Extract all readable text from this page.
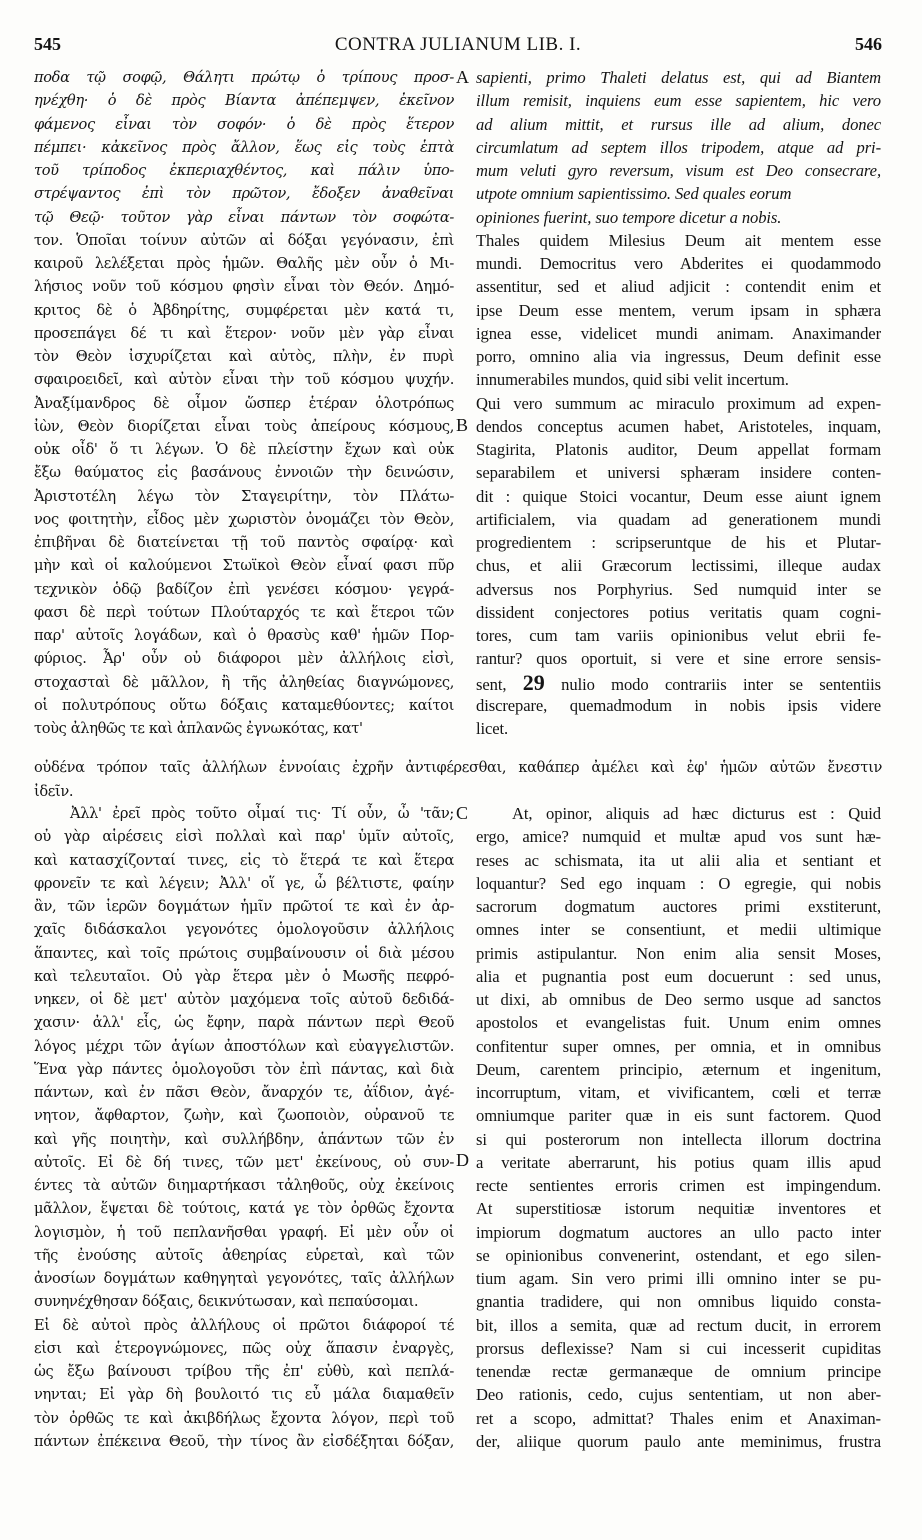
545	CONTRA JULIANUM LIB. I.	546
ποδα τῷ σοφῷ, Θάλητι πρώτῳ ὁ τρίπους προσ-
ηνέχθη· ὁ δὲ πρὸς Βίαντα ἀπέπεμψεν, ἐκεῖνον
φάμενος εἶναι τὸν σοφόν· ὁ δὲ πρὸς ἕτερον
πέμπει· κἀκεῖνος πρὸς ἄλλον, ἕως εἰς τοὺς ἑπτὰ
τοῦ τρίποδος ἐκπεριαχθέντος, καὶ πάλιν ὑπο-
στρέψαντος ἐπὶ τὸν πρῶτον, ἔδοξεν ἀναθεῖναι
τῷ Θεῷ· τοῦτον γὰρ εἶναι πάντων τὸν σοφώτα-
τον. Ὁποῖαι τοίνυν αὐτῶν αἱ δόξαι γεγόνασιν, ἐπὶ
καιροῦ λελέξεται πρὸς ἡμῶν. Θαλῆς μὲν οὖν ὁ Μι-
λήσιος νοῦν τοῦ κόσμου φησὶν εἶναι τὸν Θεόν. Δημό-
κριτος δὲ ὁ Ἀβδηρίτης, συμφέρεται μὲν κατά τι,
προσεπάγει δέ τι καὶ ἕτερον· νοῦν μὲν γὰρ εἶναι
τὸν Θεὸν ἰσχυρίζεται καὶ αὐτὸς, πλὴν, ἐν πυρὶ
σφαιροειδεῖ, καὶ αὐτὸν εἶναι τὴν τοῦ κόσμου ψυχήν.
Ἀναξίμανδρος δὲ οἶμον ὥσπερ ἑτέραν ὁλοτρόπως
ἰὼν, Θεὸν διορίζεται εἶναι τοὺς ἀπείρους κόσμους,
οὐκ οἶδ' ὅ τι λέγων. Ὁ δὲ πλείστην ἔχων καὶ οὐκ
ἔξω θαύματος εἰς βασάνους ἐννοιῶν τὴν δεινώσιν,
Ἀριστοτέλη λέγω τὸν Σταγειρίτην, τὸν Πλάτω-
νος φοιτητὴν, εἶδος μὲν χωριστὸν ὀνομάζει τὸν Θεὸν,
ἐπιβῆναι δὲ διατείνεται τῇ τοῦ παντὸς σφαίρᾳ· καὶ
μὴν καὶ οἱ καλούμενοι Στωϊκοὶ Θεὸν εἶναί φασι πῦρ
τεχνικὸν ὁδῷ βαδίζον ἐπὶ γενέσει κόσμου· γεγρά-
φασι δὲ περὶ τούτων Πλούταρχός τε καὶ ἕτεροι τῶν
παρ' αὐτοῖς λογάδων, καὶ ὁ θρασὺς καθ' ἡμῶν Πορ-
φύριος. Ἆρ' οὖν οὐ διάφοροι μὲν ἀλλήλοις εἰσὶ,
στοχασταὶ δὲ μᾶλλον, ἢ τῆς ἀληθείας διαγνώμονες,
οἱ πολυτρόπους οὕτω δόξαις καταμεθύοντες; καίτοι
τοὺς ἀληθῶς τε καὶ ἀπλανῶς ἐγνωκότας, κατ'
sapienti, primo Thaleti delatus est, qui ad Biantem
illum remisit, inquiens eum esse sapientem, hic vero
ad alium mittit, et rursus ille ad alium, donec
circumlatum ad septem illos tripodem, atque ad pri-
mum veluti gyro reversum, visum est Deo consecrare,
utpote omnium sapientissimo. Sed quales eorum
opiniones fuerint, suo tempore dicetur a nobis.
Thales quidem Milesius Deum ait mentem esse
mundi. Democritus vero Abderites ei quodammodo
assentitur, sed et aliud adjicit : contendit enim et
ipse Deum esse mentem, verum ipsam in sphæra
ignea esse, videlicet mundi animam. Anaximander
porro, omnino alia via ingressus, Deum definit esse
innumerabiles mundos, quid sibi velit incertum.
Qui vero summum ac miraculo proximum ad expen-
dendos conceptus acumen habet, Aristoteles, inquam,
Stagirita, Platonis auditor, Deum appellat formam
separabilem et universi sphæram insidere conten-
dit : quique Stoici vocantur, Deum esse aiunt ignem
artificialem, via quadam ad generationem mundi
progredientem : scripseruntque de his et Plutar-
chus, et alii Græcorum lectissimi, illeque audax
adversus nos Porphyrius. Sed numquid inter se
dissident conjectores potius veritatis quam cogni-
tores, cum tam variis opinionibus velut ebrii fe-
rantur? quos oportuit, si vere et sine errore sensis-
sent, 29 nulio modo contrariis inter se sententiis
discrepare, quemadmodum in nobis ipsis videre
licet.
A
B
C
D
οὐδένα τρόπον ταῖς ἀλλήλων ἐννοίαις ἐχρῆν ἀντιφέρεσθαι, καθάπερ ἀμέλει καὶ ἐφ' ἡμῶν αὐτῶν ἔνεστιν
ἰδεῖν.
Ἀλλ' ἐρεῖ πρὸς τοῦτο οἶμαί τις· Τί οὖν, ὦ 'τᾶν;
οὐ γὰρ αἱρέσεις εἰσὶ πολλαὶ καὶ παρ' ὑμῖν αὐτοῖς,
καὶ κατασχίζονταί τινες, εἰς τὸ ἕτερά τε καὶ ἕτερα
φρονεῖν τε καὶ λέγειν; Ἀλλ' οἵ γε, ὦ βέλτιστε, φαίην
ἂν, τῶν ἱερῶν δογμάτων ἡμῖν πρῶτοί τε καὶ ἐν ἀρ-
χαῖς διδάσκαλοι γεγονότες ὁμολογοῦσιν ἀλλήλοις
ἅπαντες, καὶ τοῖς πρώτοις συμβαίνουσιν οἱ διὰ μέσου
καὶ τελευταῖοι. Οὐ γὰρ ἕτερα μὲν ὁ Μωσῆς πεφρό-
νηκεν, οἱ δὲ μετ' αὐτὸν μαχόμενα τοῖς αὐτοῦ δεδιδά-
χασιν· ἀλλ' εἷς, ὡς ἔφην, παρὰ πάντων περὶ Θεοῦ
λόγος μέχρι τῶν ἁγίων ἀποστόλων καὶ εὐαγγελιστῶν.
Ἕνα γὰρ πάντες ὁμολογοῦσι τὸν ἐπὶ πάντας, καὶ διὰ
πάντων, καὶ ἐν πᾶσι Θεὸν, ἄναρχόν τε, ἀΐδιον, ἀγέ-
νητον, ἄφθαρτον, ζωὴν, καὶ ζωοποιὸν, οὐρανοῦ τε
καὶ γῆς ποιητὴν, καὶ συλλήβδην, ἁπάντων τῶν ἐν
αὐτοῖς. Εἰ δὲ δή τινες, τῶν μετ' ἐκείνους, οὐ συν-
έντες τὰ αὐτῶν διημαρτήκασι τἀληθοῦς, οὐχ ἐκείνοις
μᾶλλον, ἕψεται δὲ τούτοις, κατά γε τὸν ὀρθῶς ἔχοντα
λογισμὸν, ἡ τοῦ πεπλανῆσθαι γραφή. Εἰ μὲν οὖν οἱ
τῆς ἐνούσης αὐτοῖς ἀθεηρίας εὑρεταὶ, καὶ τῶν
ἀνοσίων δογμάτων καθηγηταὶ γεγονότες, ταῖς ἀλλήλων
συνηνέχθησαν δόξαις, δεικνύτωσαν, καὶ πεπαύσομαι.
Εἰ δὲ αὐτοὶ πρὸς ἀλλήλους οἱ πρῶτοι διάφοροί τέ
εἰσι καὶ ἑτερογνώμονες, πῶς οὐχ ἅπασιν ἐναργὲς,
ὡς ἔξω βαίνουσι τρίβου τῆς ἐπ' εὐθὺ, καὶ πεπλά-
νηνται; Εἰ γὰρ δὴ βουλοιτό τις εὖ μάλα διαμαθεῖν
τὸν ὀρθῶς τε καὶ ἀκιβδήλως ἔχοντα λόγον, περὶ τοῦ
πάντων ἐπέκεινα Θεοῦ, τὴν τίνος ἂν εἰσδέξηται δόξαν,
At, opinor, aliquis ad hæc dicturus est : Quid
ergo, amice? numquid et multæ apud vos sunt hæ-
reses ac schismata, ita ut alii alia et sentiant et
loquantur? Sed ego inquam : O egregie, qui nobis
sacrorum dogmatum auctores primi exstiterunt,
omnes inter se consentiunt, et medii ultimique
primis astipulantur. Non enim alia sensit Moses,
alia et pugnantia post eum docuerunt : sed unus,
ut dixi, ab omnibus de Deo sermo usque ad sanctos
apostolos et evangelistas fuit. Unum enim omnes
confitentur super omnes, per omnia, et in omnibus
Deum, carentem principio, æternum et ingenitum,
incorruptum, vitam, et vivificantem, cœli et terræ
omniumque pariter quæ in eis sunt factorem. Quod
si qui posterorum non intellecta illorum doctrina
a veritate aberrarunt, his potius quam illis apud
recte sentientes erroris crimen est impingendum.
At superstitiosæ istorum nequitiæ inventores et
impiorum dogmatum auctores an ullo pacto inter
se opinionibus convenerint, ostendant, et ego silen-
tium agam. Sin vero primi illi omnino inter se pu-
gnantia tradidere, qui non omnibus liquido consta-
bit, illos a semita, quæ ad rectum ducit, in errorem
prorsus deflexisse? Nam si cui incesserit cupiditas
tenendæ rectæ germanæque de omnium principe
Deo rationis, cedo, cujus sententiam, ut non aber-
ret a scopo, admittat? Thales enim et Anaximan-
der, aliique quorum paulo ante meminimus, frustra
